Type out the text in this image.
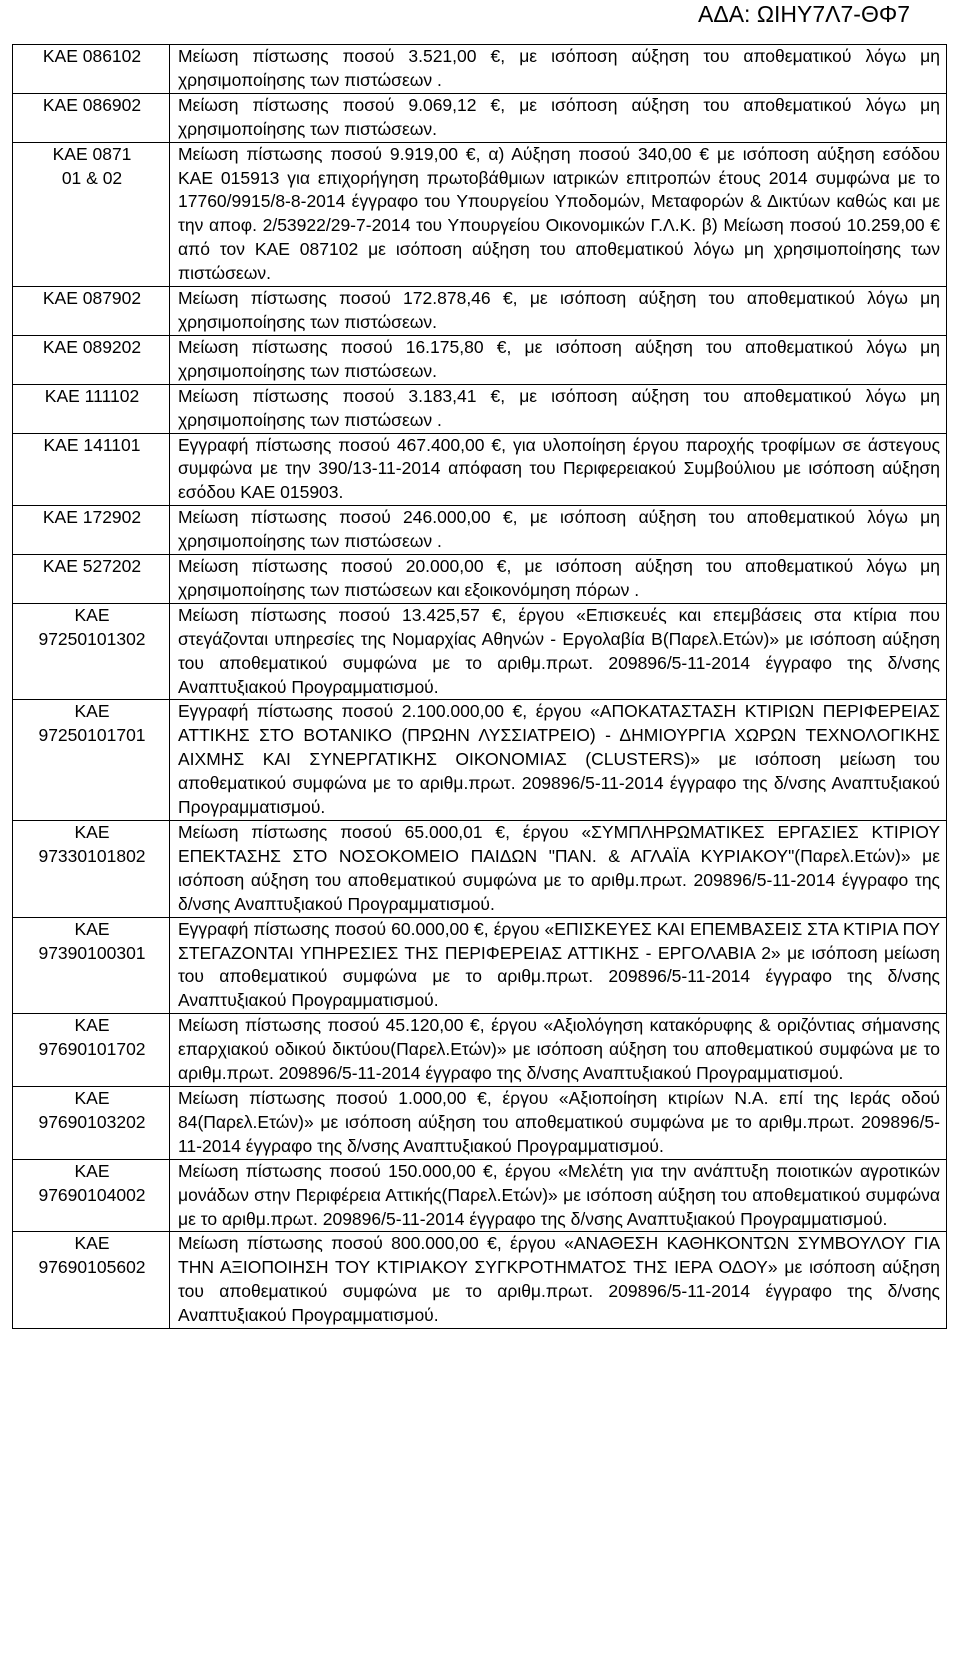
ΑΔΑ: ΩΙΗΥ7Λ7-ΘΦ7
ΚΑΕ 086102	Μείωση πίστωσης ποσού 3.521,00 €, με ισόποση αύξηση του αποθεματικού λόγω μη χρησιμοποίησης των πιστώσεων .

ΚΑΕ 086902	Μείωση πίστωσης ποσού 9.069,12 €, με ισόποση αύξηση του αποθεματικού λόγω μη χρησιμοποίησης των πιστώσεων.

ΚΑΕ 0871
01 & 02	Μείωση πίστωσης ποσού 9.919,00 €, α) Αύξηση ποσού 340,00 € με ισόποση αύξηση εσόδου ΚΑΕ 015913 για επιχορήγηση πρωτοβάθμιων ιατρικών επιτροπών έτους 2014 συμφώνα με το 17760/9915/8-8-2014 έγγραφο του Υπουργείου Υποδομών, Μεταφορών & Δικτύων καθώς και με την αποφ. 2/53922/29-7-2014 του Υπουργείου Οικονομικών Γ.Λ.Κ. β) Μείωση ποσού 10.259,00 € από τον ΚΑΕ 087102 με ισόποση αύξηση του αποθεματικού λόγω μη χρησιμοποίησης των πιστώσεων.

ΚΑΕ 087902	Μείωση πίστωσης ποσού 172.878,46 €, με ισόποση αύξηση του αποθεματικού λόγω μη χρησιμοποίησης των πιστώσεων.

ΚΑΕ 089202	Μείωση πίστωσης ποσού 16.175,80 €, με ισόποση αύξηση του αποθεματικού λόγω μη χρησιμοποίησης των πιστώσεων.

ΚΑΕ 111102	Μείωση πίστωσης ποσού 3.183,41 €, με ισόποση αύξηση του αποθεματικού λόγω μη χρησιμοποίησης των πιστώσεων .

ΚΑΕ 141101	Εγγραφή πίστωσης ποσού 467.400,00 €, για υλοποίηση έργου παροχής τροφίμων σε άστεγους συμφώνα με την 390/13-11-2014 απόφαση του Περιφερειακού Συμβούλιου με ισόποση αύξηση εσόδου ΚΑΕ 015903.

ΚΑΕ 172902	Μείωση πίστωσης ποσού 246.000,00 €, με ισόποση αύξηση του αποθεματικού λόγω μη χρησιμοποίησης των πιστώσεων .

ΚΑΕ 527202	Μείωση πίστωσης ποσού 20.000,00 €, με ισόποση αύξηση του αποθεματικού λόγω μη χρησιμοποίησης των πιστώσεων και εξοικονόμηση πόρων .

ΚΑΕ
97250101302	Μείωση πίστωσης ποσού 13.425,57 €, έργου «Επισκευές και επεμβάσεις στα κτίρια που στεγάζονται υπηρεσίες της Νομαρχίας Αθηνών - Εργολαβία Β(Παρελ.Ετών)» με ισόποση αύξηση του αποθεματικού συμφώνα με το αριθμ.πρωτ. 209896/5-11-2014 έγγραφο της δ/νσης Αναπτυξιακού Προγραμματισμού.

ΚΑΕ
97250101701	Εγγραφή πίστωσης ποσού 2.100.000,00 €, έργου «ΑΠΟΚΑΤΑΣΤΑΣΗ ΚΤΙΡΙΩΝ ΠΕΡΙΦΕΡΕΙΑΣ ΑΤΤΙΚΗΣ ΣΤΟ ΒΟΤΑΝΙΚΟ (ΠΡΩΗΝ ΛΥΣΣΙΑΤΡΕΙΟ) - ΔΗΜΙΟΥΡΓΙΑ ΧΩΡΩΝ ΤΕΧΝΟΛΟΓΙΚΗΣ ΑΙΧΜΗΣ ΚΑΙ ΣΥΝΕΡΓΑΤΙΚΗΣ ΟΙΚΟΝΟΜΙΑΣ (CLUSTERS)» με ισόποση μείωση του αποθεματικού συμφώνα με το αριθμ.πρωτ. 209896/5-11-2014 έγγραφο της δ/νσης Αναπτυξιακού Προγραμματισμού.

ΚΑΕ
97330101802	Μείωση πίστωσης ποσού 65.000,01 €, έργου «ΣΥΜΠΛΗΡΩΜΑΤΙΚΕΣ ΕΡΓΑΣΙΕΣ ΚΤΙΡΙΟΥ ΕΠΕΚΤΑΣΗΣ ΣΤΟ ΝΟΣΟΚΟΜΕΙΟ ΠΑΙΔΩΝ "ΠΑΝ. & ΑΓΛΑΪΑ ΚΥΡΙΑΚΟΥ"(Παρελ.Ετών)» με ισόποση αύξηση του αποθεματικού συμφώνα με το αριθμ.πρωτ. 209896/5-11-2014 έγγραφο της δ/νσης Αναπτυξιακού Προγραμματισμού.

ΚΑΕ
97390100301	Εγγραφή πίστωσης ποσού 60.000,00 €, έργου «ΕΠΙΣΚΕΥΕΣ ΚΑΙ ΕΠΕΜΒΑΣΕΙΣ ΣΤΑ ΚΤΙΡΙΑ ΠΟΥ ΣΤΕΓΑΖΟΝΤΑΙ ΥΠΗΡΕΣΙΕΣ ΤΗΣ ΠΕΡΙΦΕΡΕΙΑΣ ΑΤΤΙΚΗΣ - ΕΡΓΟΛΑΒΙΑ 2» με ισόποση μείωση του αποθεματικού συμφώνα με το αριθμ.πρωτ. 209896/5-11-2014 έγγραφο της δ/νσης Αναπτυξιακού Προγραμματισμού.

ΚΑΕ
97690101702	Μείωση πίστωσης ποσού 45.120,00 €, έργου «Αξιολόγηση κατακόρυφης & οριζόντιας σήμανσης επαρχιακού οδικού δικτύου(Παρελ.Ετών)» με ισόποση αύξηση του αποθεματικού συμφώνα με το αριθμ.πρωτ. 209896/5-11-2014 έγγραφο της δ/νσης Αναπτυξιακού Προγραμματισμού.

ΚΑΕ
97690103202	Μείωση πίστωσης ποσού 1.000,00 €, έργου «Αξιοποίηση κτιρίων Ν.Α. επί της Ιεράς οδού 84(Παρελ.Ετών)» με ισόποση αύξηση του αποθεματικού συμφώνα με το αριθμ.πρωτ. 209896/5-11-2014 έγγραφο της δ/νσης Αναπτυξιακού Προγραμματισμού.

ΚΑΕ
97690104002	Μείωση πίστωσης ποσού 150.000,00 €, έργου «Μελέτη για την ανάπτυξη ποιοτικών αγροτικών μονάδων στην Περιφέρεια Αττικής(Παρελ.Ετών)» με ισόποση αύξηση του αποθεματικού συμφώνα με το αριθμ.πρωτ. 209896/5-11-2014 έγγραφο της δ/νσης Αναπτυξιακού Προγραμματισμού.

ΚΑΕ
97690105602	Μείωση πίστωσης ποσού 800.000,00 €, έργου «ΑΝΑΘΕΣΗ ΚΑΘΗΚΟΝΤΩΝ ΣΥΜΒΟΥΛΟΥ ΓΙΑ ΤΗΝ ΑΞΙΟΠΟΙΗΣΗ ΤΟΥ ΚΤΙΡΙΑΚΟΥ ΣΥΓΚΡΟΤΗΜΑΤΟΣ ΤΗΣ ΙΕΡΑ ΟΔΟΥ» με ισόποση αύξηση του αποθεματικού συμφώνα με το αριθμ.πρωτ. 209896/5-11-2014 έγγραφο της δ/νσης Αναπτυξιακού Προγραμματισμού.
